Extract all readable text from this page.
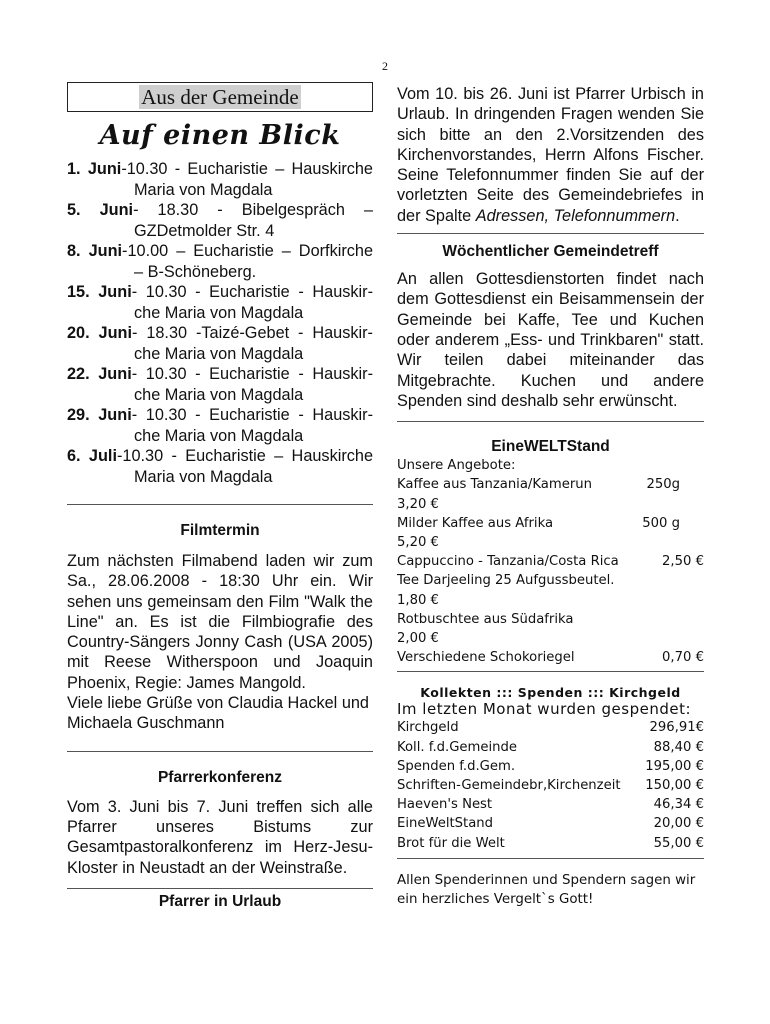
2
Aus der Gemeinde
Auf einen Blick
1. Juni-10.30 - Eucharistie – Hauskirche
Maria von Magdala
5. Juni- 18.30 - Bibelgespräch –
GZDetmolder Str. 4
8. Juni-10.00 – Eucharistie – Dorfkirche
– B-Schöneberg.
15. Juni- 10.30 - Eucharistie - Hauskir-
che Maria von Magdala
20. Juni- 18.30 -Taizé-Gebet - Hauskir-
che Maria von Magdala
22. Juni- 10.30 - Eucharistie - Hauskir-
che Maria von Magdala
29. Juni- 10.30 - Eucharistie - Hauskir-
che Maria von Magdala
6. Juli-10.30 - Eucharistie – Hauskirche
Maria von Magdala
Filmtermin
Zum nächsten Filmabend laden wir zum Sa., 28.06.2008 - 18:30 Uhr ein. Wir sehen uns gemeinsam den Film "Walk the Line" an. Es ist die Filmbiografie des Country-Sängers Jonny Cash (USA 2005) mit Reese Witherspoon und Joaquin Phoenix, Regie: James Mangold.
Viele liebe Grüße von Claudia Hackel und Michaela Guschmann
Pfarrerkonferenz
Vom 3. Juni bis 7. Juni treffen sich alle Pfarrer unseres Bistums zur Gesamtpastoralkonferenz im Herz-Jesu-Kloster in Neustadt an der Weinstraße.
Pfarrer in Urlaub
Vom 10. bis 26. Juni ist Pfarrer Urbisch in Urlaub. In dringenden Fragen wenden Sie sich bitte an den 2.Vorsitzenden des Kirchenvorstandes, Herrn Alfons Fischer. Seine Telefonnummer finden Sie auf der vorletzten Seite des Gemeindebriefes in der Spalte Adressen, Telefonnummern.
Wöchentlicher Gemeindetreff
An allen Gottesdienstorten findet nach dem Gottesdienst ein Beisammensein der Gemeinde bei Kaffe, Tee und Kuchen oder anderem „Ess- und Trinkbaren" statt. Wir teilen dabei miteinander das Mitgebrachte. Kuchen und andere Spenden sind deshalb sehr erwünscht.
EineWELTStand
Unsere Angebote:
Kaffee aus Tanzania/Kamerun	250g
3,20 €
Milder Kaffee aus Afrika	500 g
5,20 €
Cappuccino - Tanzania/Costa Rica	2,50 €
Tee Darjeeling 25 Aufgussbeutel.
1,80 €
Rotbuschtee aus Südafrika
2,00 €
Verschiedene Schokoriegel	0,70 €
Kollekten ::: Spenden ::: Kirchgeld
Im letzten Monat wurden gespendet:
Kirchgeld	296,91€
Koll. f.d.Gemeinde	88,40 €
Spenden f.d.Gem.	195,00 €
Schriften-Gemeindebr,Kirchenzeit 150,00 €
Haeven's Nest	46,34 €
EineWeltStand	20,00 €
Brot für die Welt	55,00 €
Allen Spenderinnen und Spendern sagen wir ein herzliches Vergelt`s Gott!
